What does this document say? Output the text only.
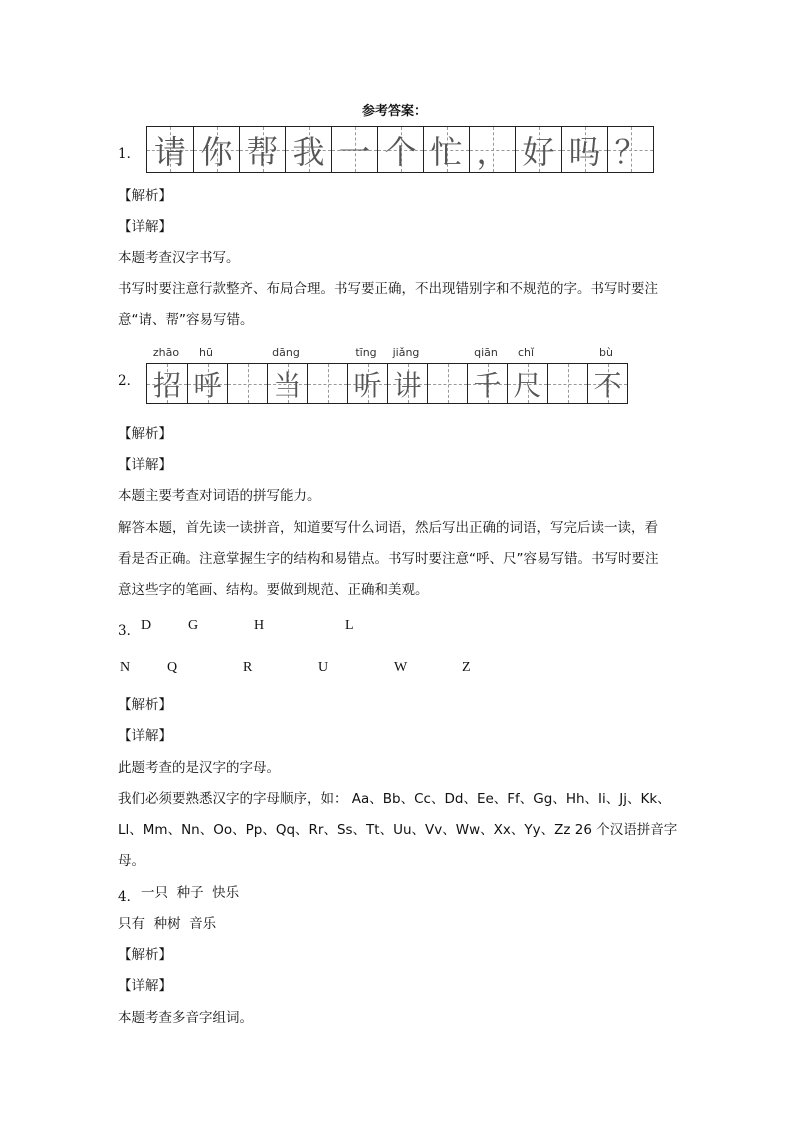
参考答案：
1． 请 你 帮 我 一 个 忙 ， 好 吗 ？
【解析】
【详解】
本题考查汉字书写。
书写时要注意行款整齐、布局合理。书写要正确，不出现错别字和不规范的字。书写时要注
意“请、帮”容易写错。
2．
zhāo	hū	dāng	tīng	jiǎng	qiān	chǐ	bù
招 呼 当 听 讲 千 尺 不
【解析】
【详解】
本题主要考查对词语的拼写能力。
解答本题，首先读一读拼音，知道要写什么词语，然后写出正确的词语，写完后读一读，看
看是否正确。注意掌握生字的结构和易错点。书写时要注意“呼、尺”容易写错。书写时要注
意这些字的笔画、结构。要做到规范、正确和美观。
3． D	G	H	L
N	Q	R	U	W	Z
【解析】
【详解】
此题考查的是汉字的字母。
我们必须要熟悉汉字的字母顺序，如： Aa、Bb、Cc、Dd、Ee、Ff、Gg、Hh、Ii、Jj、Kk、
Ll、Mm、Nn、Oo、Pp、Qq、Rr、Ss、Tt、Uu、Vv、Ww、Xx、Yy、Zz 26 个汉语拼音字
母。
4． 一只  种子  快乐
只有  种树  音乐
【解析】
【详解】
本题考查多音字组词。
